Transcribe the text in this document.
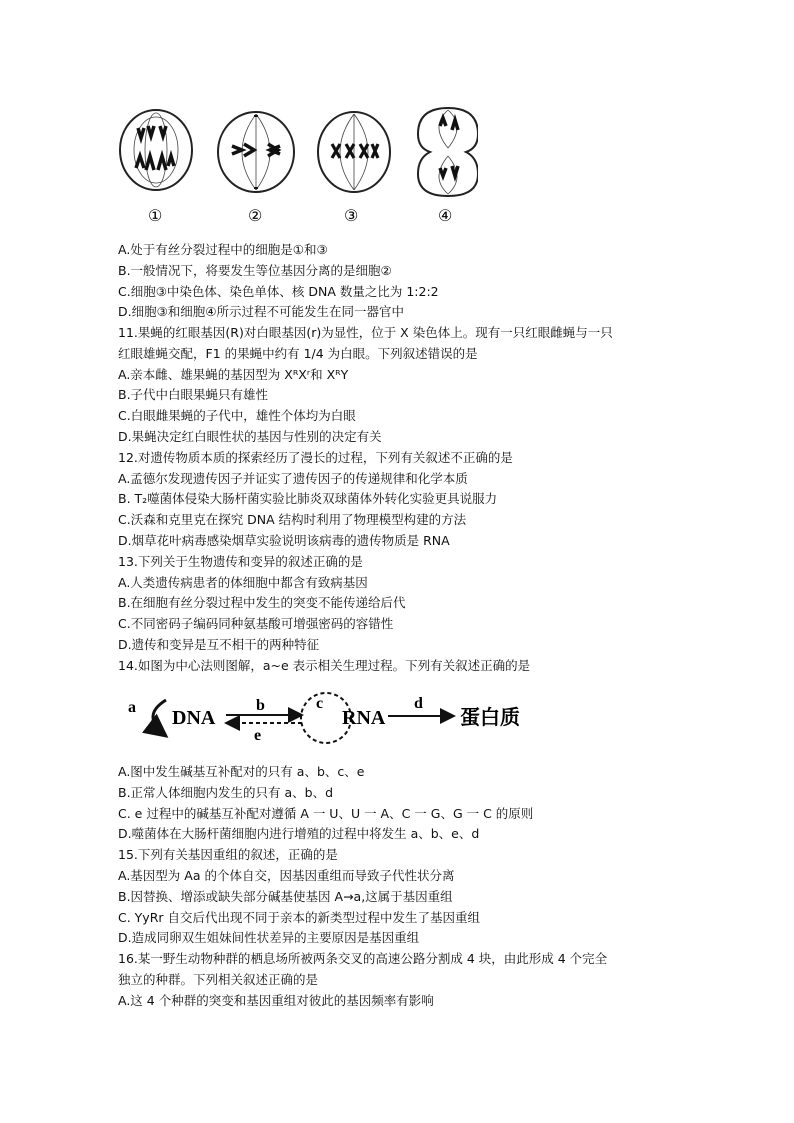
①	②	③	④
A.处于有丝分裂过程中的细胞是①和③
B.一般情况下，将要发生等位基因分离的是细胞②
C.细胞③中染色体、染色单体、核 DNA 数量之比为 1:2:2
D.细胞③和细胞④所示过程不可能发生在同一器官中
11.果蝇的红眼基因(R)对白眼基因(r)为显性，位于 X 染色体上。现有一只红眼雌蝇与一只
红眼雄蝇交配，F1 的果蝇中约有 1/4 为白眼。下列叙述错误的是
A.亲本雌、雄果蝇的基因型为 XᴿXʳ和 XᴿY
B.子代中白眼果蝇只有雄性
C.白眼雌果蝇的子代中，雄性个体均为白眼
D.果蝇决定红白眼性状的基因与性别的决定有关
12.对遗传物质本质的探索经历了漫长的过程，下列有关叙述不正确的是
A.孟德尔发现遗传因子并证实了遗传因子的传递规律和化学本质
B. T₂噬菌体侵染大肠杆菌实验比肺炎双球菌体外转化实验更具说服力
C.沃森和克里克在探究 DNA 结构时利用了物理模型构建的方法
D.烟草花叶病毒感染烟草实验说明该病毒的遗传物质是 RNA
13.下列关于生物遗传和变异的叙述正确的是
A.人类遗传病患者的体细胞中都含有致病基因
B.在细胞有丝分裂过程中发生的突变不能传递给后代
C.不同密码子编码同种氨基酸可增强密码的容错性
D.遗传和变异是互不相干的两种特征
14.如图为中心法则图解，a~e 表示相关生理过程。下列有关叙述正确的是
a DNA
b
e
c
RNA
d
蛋白质
A.图中发生碱基互补配对的只有 a、b、c、e
B.正常人体细胞内发生的只有 a、b、d
C. e 过程中的碱基互补配对遵循 A 一 U、U 一 A、C 一 G、G 一 C 的原则
D.噬菌体在大肠杆菌细胞内进行增殖的过程中将发生 a、b、e、d
15.下列有关基因重组的叙述，正确的是
A.基因型为 Aa 的个体自交，因基因重组而导致子代性状分离
B.因替换、增添或缺失部分碱基使基因 A→a,这属于基因重组
C. YyRr 自交后代出现不同于亲本的新类型过程中发生了基因重组
D.造成同卵双生姐妹间性状差异的主要原因是基因重组
16.某一野生动物种群的栖息场所被两条交叉的高速公路分割成 4 块，由此形成 4 个完全
独立的种群。下列相关叙述正确的是
A.这 4 个种群的突变和基因重组对彼此的基因频率有影响
